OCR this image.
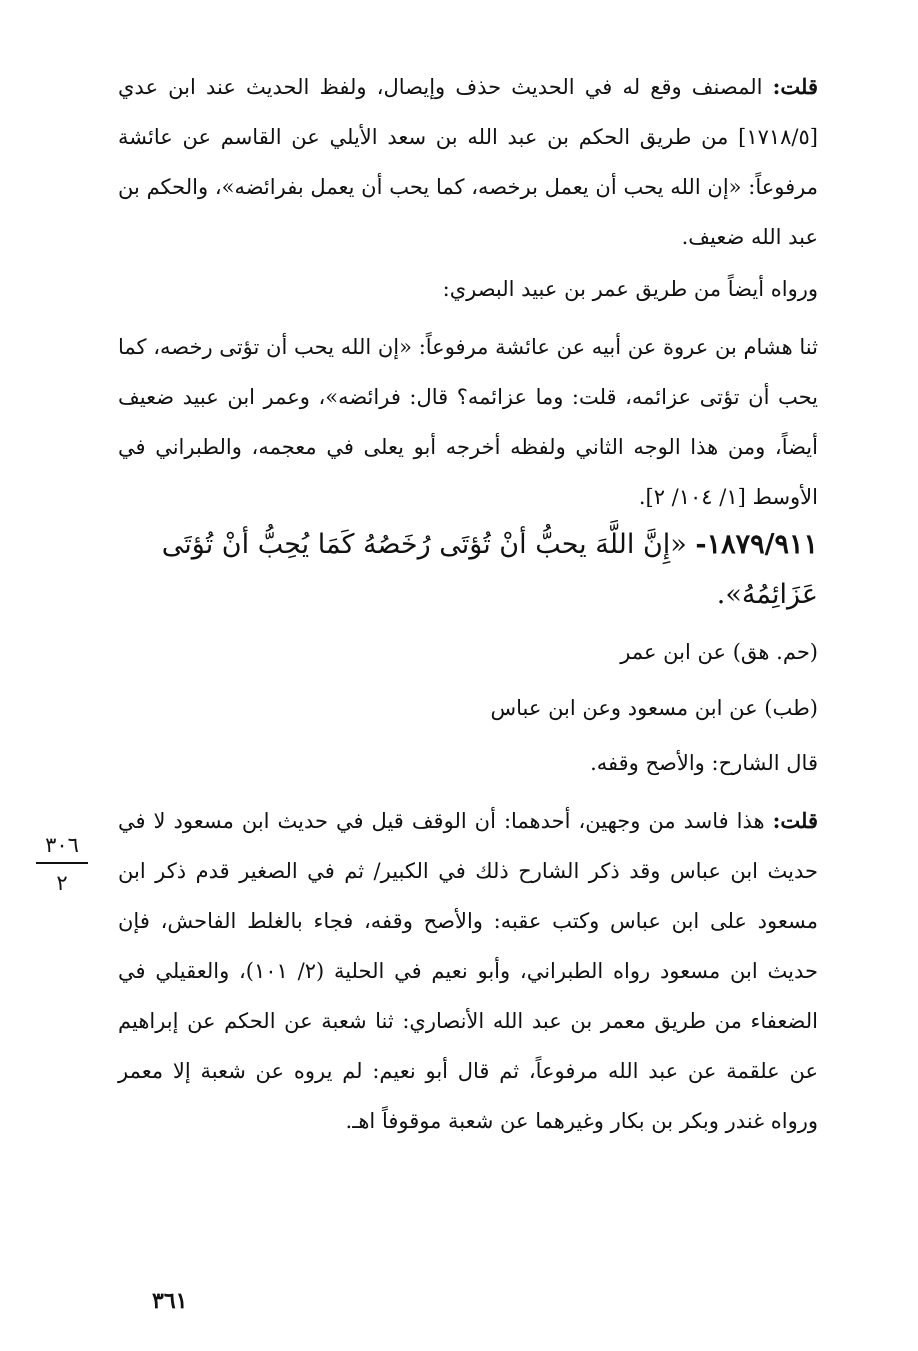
قلت: المصنف وقع له في الحديث حذف وإيصال، ولفظ الحديث عند ابن عدي [١٧١٨/٥] من طريق الحكم بن عبد الله بن سعد الأيلي عن القاسم عن عائشة مرفوعاً: «إن الله يحب أن يعمل برخصه، كما يحب أن يعمل بفرائضه»، والحكم بن عبد الله ضعيف.

ورواه أيضاً من طريق عمر بن عبيد البصري:

ثنا هشام بن عروة عن أبيه عن عائشة مرفوعاً: «إن الله يحب أن تؤتى رخصه، كما يحب أن تؤتى عزائمه، قلت: وما عزائمه؟ قال: فرائضه»، وعمر ابن عبيد ضعيف أيضاً، ومن هذا الوجه الثاني ولفظه أخرجه أبو يعلى في معجمه، والطبراني في الأوسط [١/ ١٠٤/ ٢].

١٨٧٩/٩١١- «إِنَّ اللَّهَ يحبُّ أنْ تُؤتَى رُخَصُهُ كَمَا يُحِبُّ أنْ تُؤتَى عَزَائِمُهُ».
(حم. هق) عن ابن عمر
(طب) عن ابن مسعود وعن ابن عباس

قال الشارح: والأصح وقفه.

قلت: هذا فاسد من وجهين، أحدهما: أن الوقف قيل في حديث ابن مسعود لا في حديث ابن عباس وقد ذكر الشارح ذلك في الكبير/ ثم في الصغير قدم ذكر ابن مسعود على ابن عباس وكتب عقبه: والأصح وقفه، فجاء بالغلط الفاحش، فإن حديث ابن مسعود رواه الطبراني، وأبو نعيم في الحلية (٢/ ١٠١)، والعقيلي في الضعفاء من طريق معمر بن عبد الله الأنصاري: ثنا شعبة عن الحكم عن إبراهيم عن علقمة عن عبد الله مرفوعاً، ثم قال أبو نعيم: لم يروه عن شعبة إلا معمر ورواه غندر وبكر بن بكار وغيرهما عن شعبة موقوفاً اهـ.

٣٠٦
٢
٣٦١
